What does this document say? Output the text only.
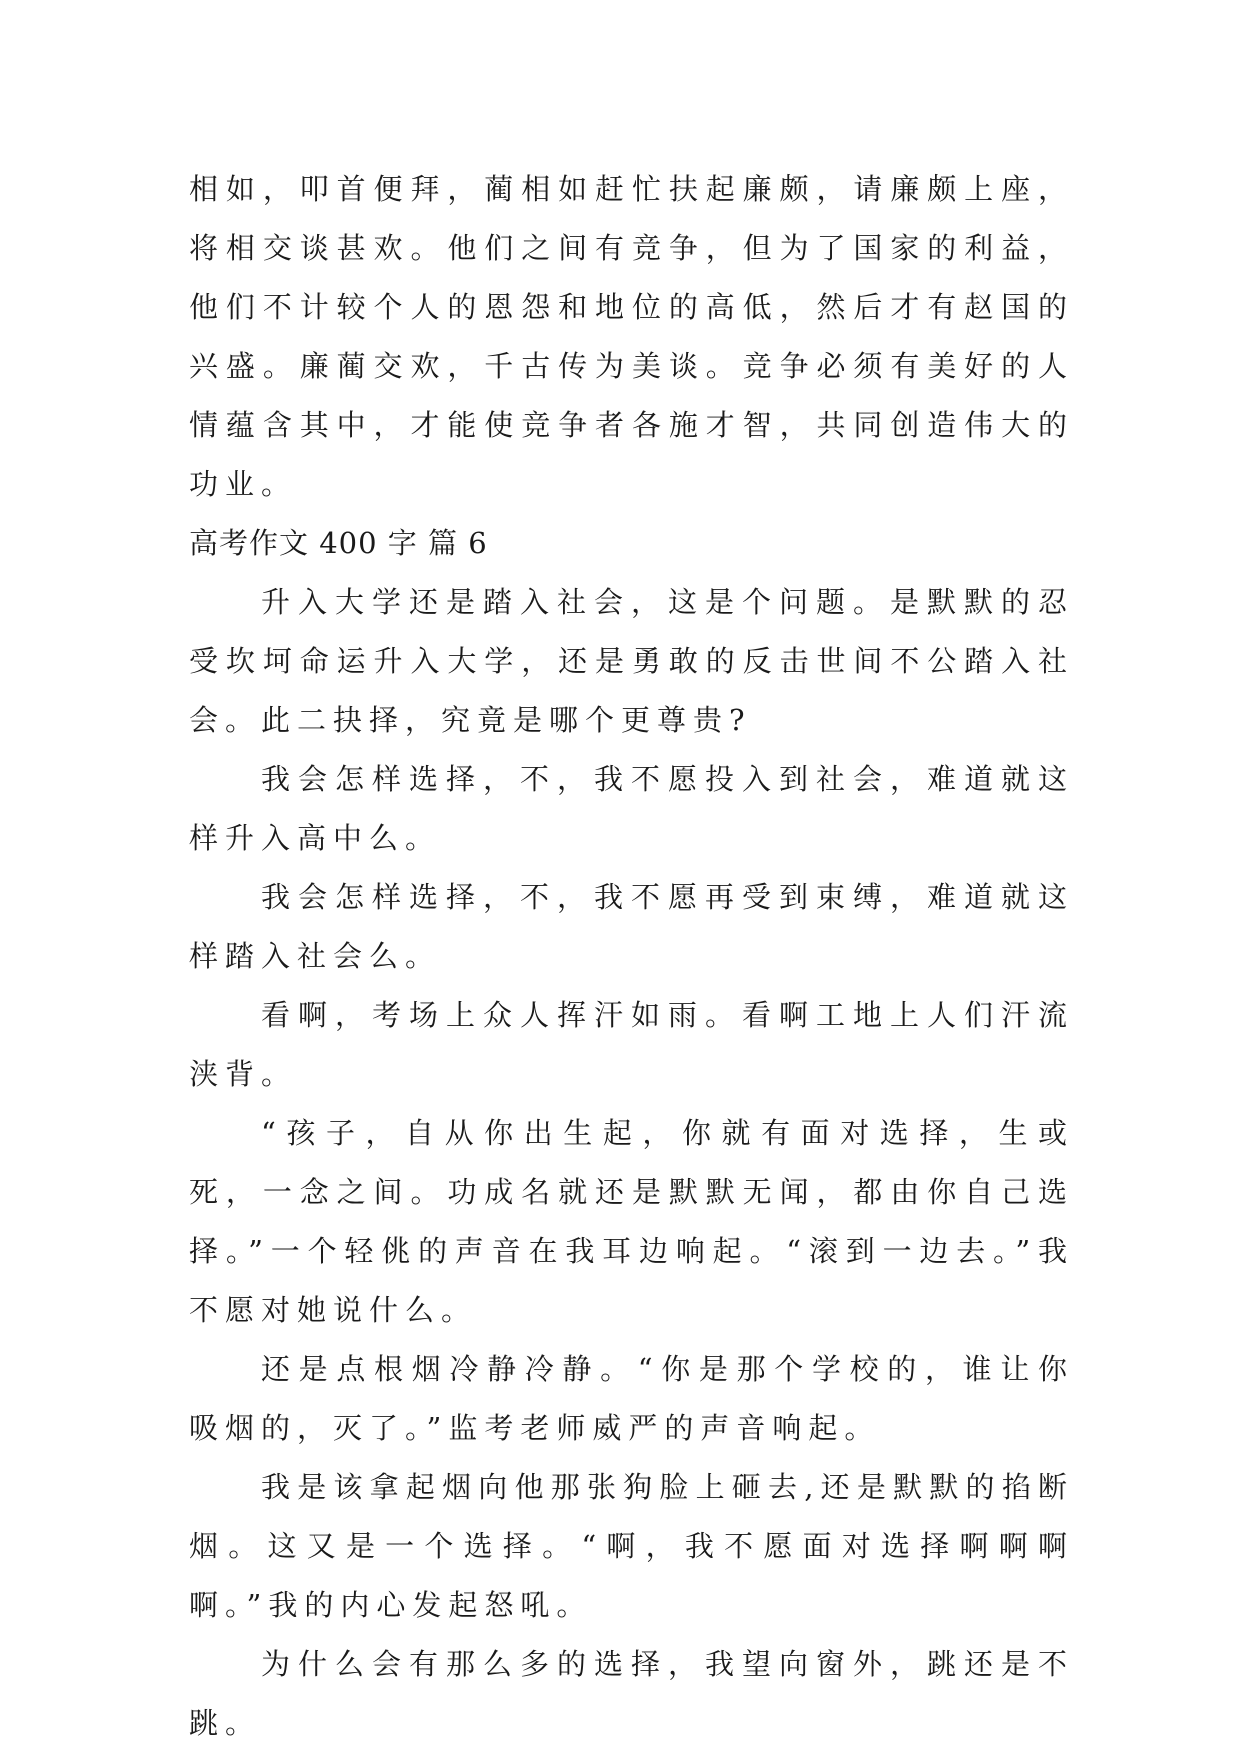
相如，叩首便拜，蔺相如赶忙扶起廉颇，请廉颇上座，将相交谈甚欢。他们之间有竞争，但为了国家的利益，他们不计较个人的恩怨和地位的高低，然后才有赵国的兴盛。廉蔺交欢，千古传为美谈。竞争必须有美好的人情蕴含其中，才能使竞争者各施才智，共同创造伟大的功业。

高考作文 400 字 篇 6

升入大学还是踏入社会，这是个问题。是默默的忍受坎坷命运升入大学，还是勇敢的反击世间不公踏入社会。此二抉择，究竟是哪个更尊贵?

我会怎样选择，不，我不愿投入到社会，难道就这样升入高中么。

我会怎样选择，不，我不愿再受到束缚，难道就这样踏入社会么。

看啊，考场上众人挥汗如雨。看啊工地上人们汗流浃背。

“孩子，自从你出生起，你就有面对选择，生或死，一念之间。功成名就还是默默无闻，都由你自己选择。”一个轻佻的声音在我耳边响起。“滚到一边去。”我不愿对她说什么。

还是点根烟冷静冷静。“你是那个学校的，谁让你吸烟的，灭了。”监考老师威严的声音响起。

我是该拿起烟向他那张狗脸上砸去,还是默默的掐断烟。这又是一个选择。“啊，我不愿面对选择啊啊啊啊。”我的内心发起怒吼。

为什么会有那么多的选择，我望向窗外，跳还是不跳。
